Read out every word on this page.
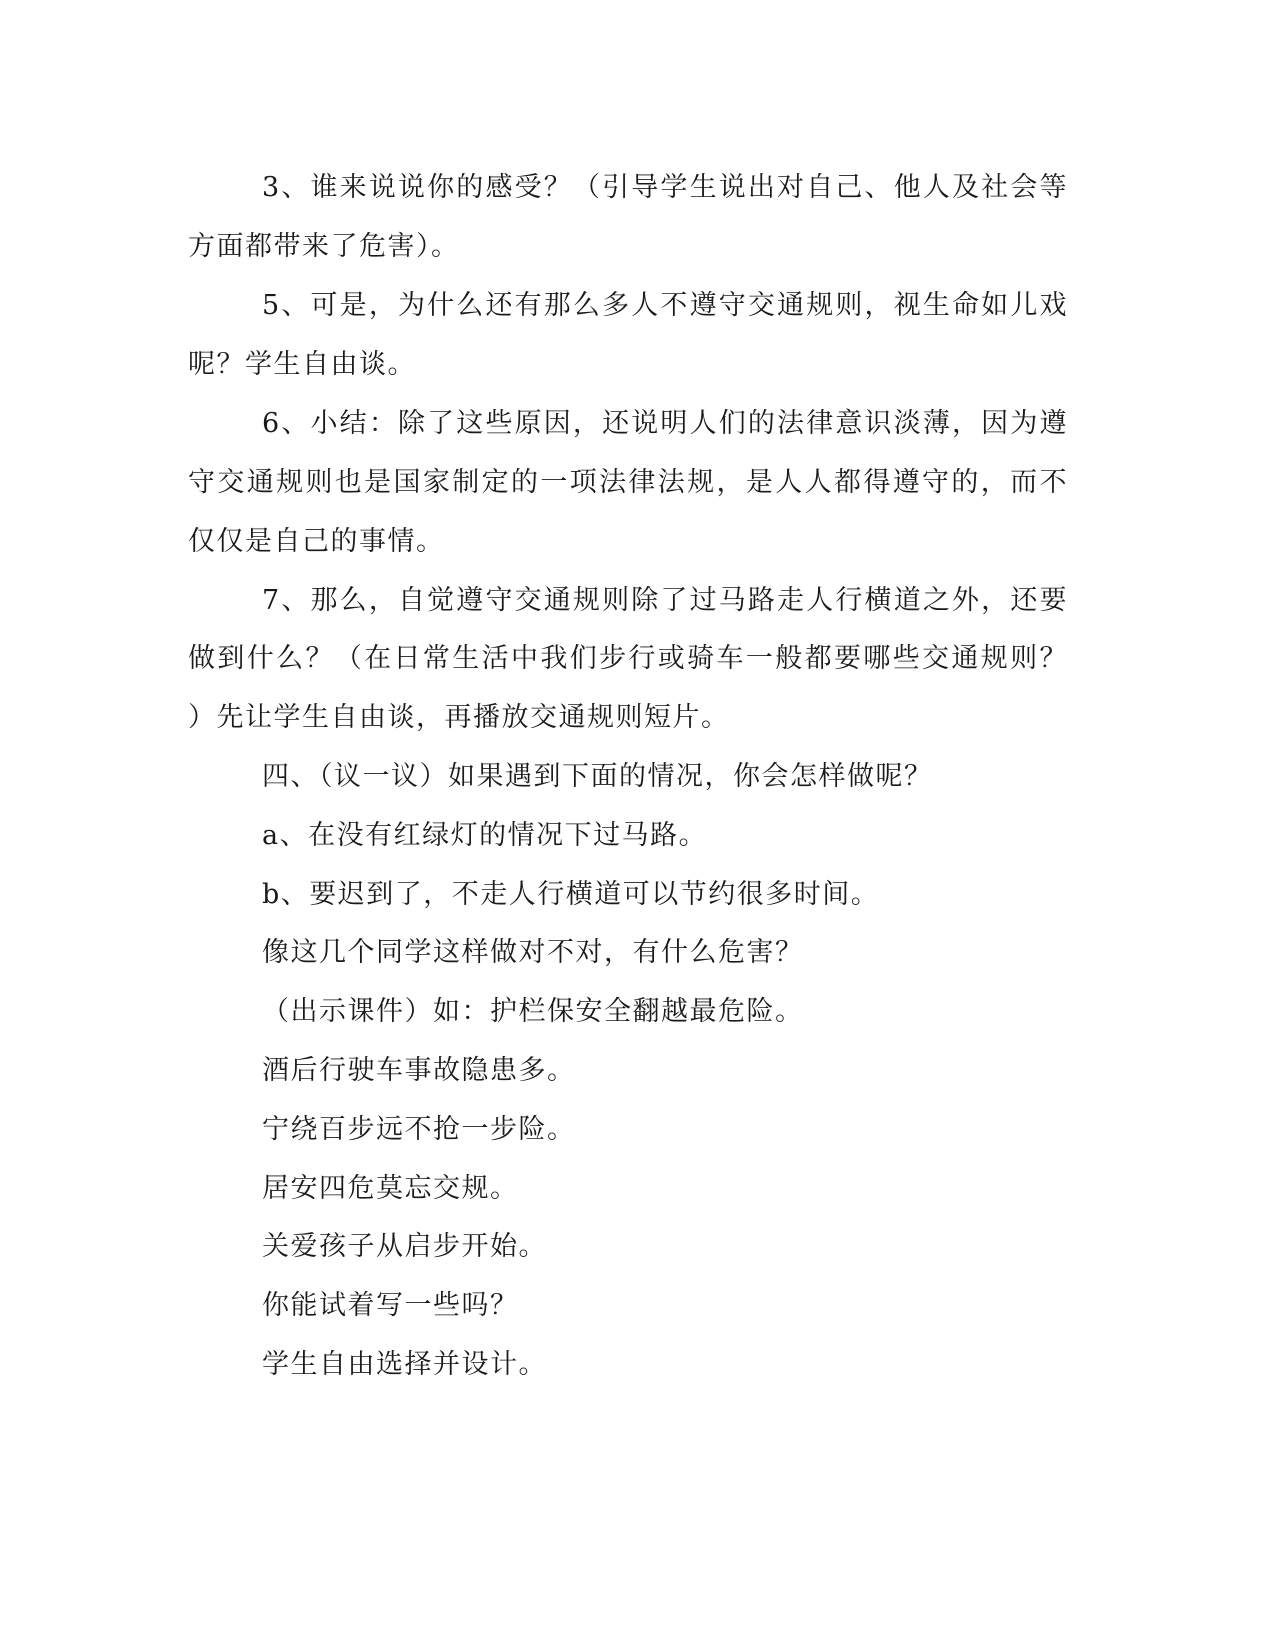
3、谁来说说你的感受？（引导学生说出对自己、他人及社会等
方面都带来了危害）。
5、可是，为什么还有那么多人不遵守交通规则，视生命如儿戏
呢？学生自由谈。
6、小结：除了这些原因，还说明人们的法律意识淡薄，因为遵
守交通规则也是国家制定的一项法律法规，是人人都得遵守的，而不
仅仅是自己的事情。
7、那么，自觉遵守交通规则除了过马路走人行横道之外，还要
做到什么？（在日常生活中我们步行或骑车一般都要哪些交通规则？
）先让学生自由谈，再播放交通规则短片。
四、（议一议）如果遇到下面的情况，你会怎样做呢？
a、在没有红绿灯的情况下过马路。
b、要迟到了，不走人行横道可以节约很多时间。
像这几个同学这样做对不对，有什么危害？
（出示课件）如：护栏保安全翻越最危险。
酒后行驶车事故隐患多。
宁绕百步远不抢一步险。
居安四危莫忘交规。
关爱孩子从启步开始。
你能试着写一些吗？
学生自由选择并设计。
